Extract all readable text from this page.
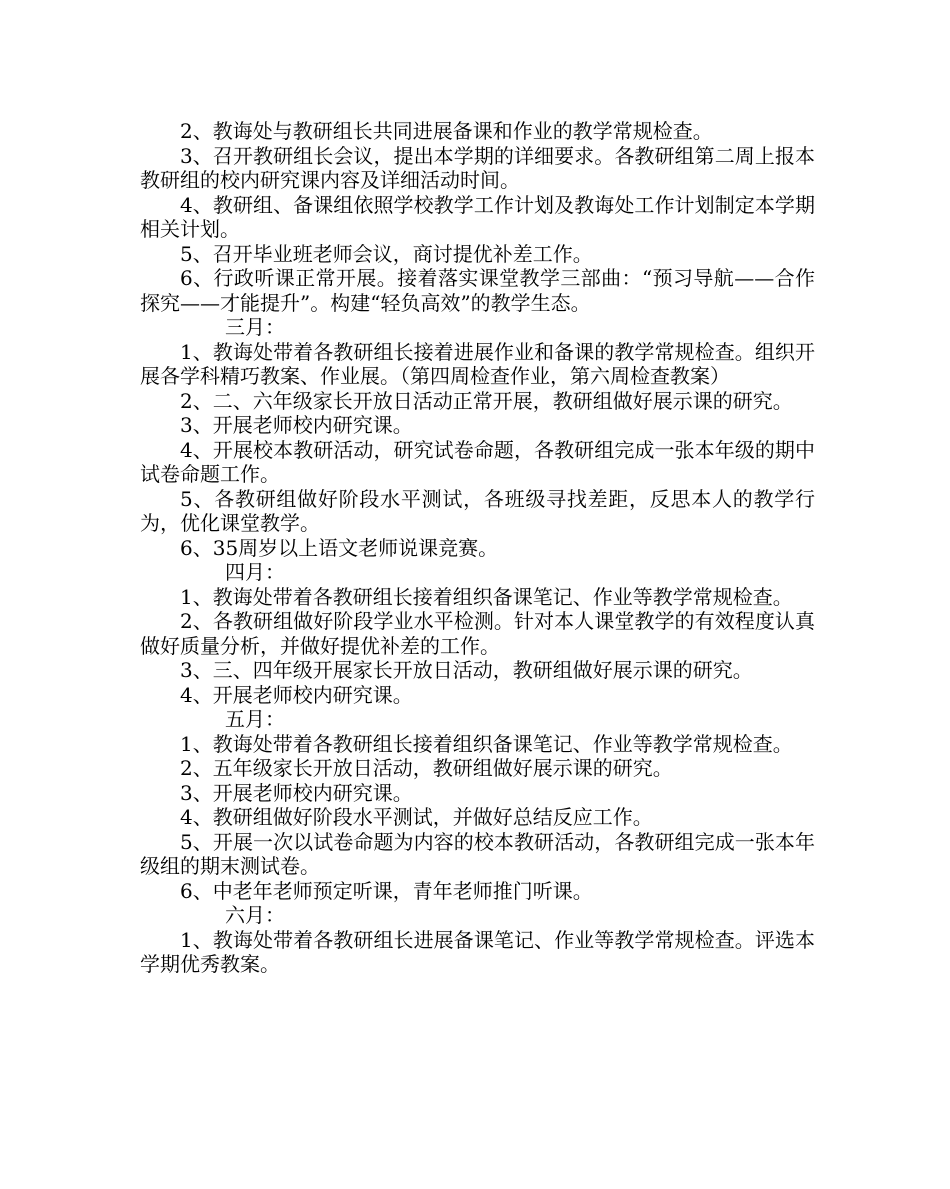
2、教诲处与教研组长共同进展备课和作业的教学常规检查。

3、召开教研组长会议，提出本学期的详细要求。各教研组第二周上报本教研组的校内研究课内容及详细活动时间。

4、教研组、备课组依照学校教学工作计划及教诲处工作计划制定本学期相关计划。

5、召开毕业班老师会议，商讨提优补差工作。

6、行政听课正常开展。接着落实课堂教学三部曲：“预习导航——合作探究——才能提升”。构建“轻负高效”的教学生态。

三月：

1、教诲处带着各教研组长接着进展作业和备课的教学常规检查。组织开展各学科精巧教案、作业展。（第四周检查作业，第六周检查教案）

2、二、六年级家长开放日活动正常开展，教研组做好展示课的研究。

3、开展老师校内研究课。

4、开展校本教研活动，研究试卷命题，各教研组完成一张本年级的期中试卷命题工作。

5、各教研组做好阶段水平测试，各班级寻找差距，反思本人的教学行为，优化课堂教学。

6、35周岁以上语文老师说课竞赛。

四月：

1、教诲处带着各教研组长接着组织备课笔记、作业等教学常规检查。

2、各教研组做好阶段学业水平检测。针对本人课堂教学的有效程度认真做好质量分析，并做好提优补差的工作。

3、三、四年级开展家长开放日活动，教研组做好展示课的研究。

4、开展老师校内研究课。

五月：

1、教诲处带着各教研组长接着组织备课笔记、作业等教学常规检查。

2、五年级家长开放日活动，教研组做好展示课的研究。

3、开展老师校内研究课。

4、教研组做好阶段水平测试，并做好总结反应工作。

5、开展一次以试卷命题为内容的校本教研活动，各教研组完成一张本年级组的期末测试卷。

6、中老年老师预定听课，青年老师推门听课。

六月：

1、教诲处带着各教研组长进展备课笔记、作业等教学常规检查。评选本学期优秀教案。
